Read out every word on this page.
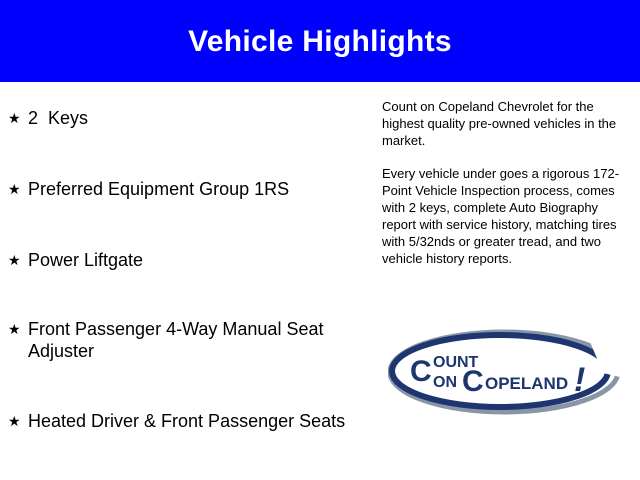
Vehicle Highlights
★ 2  Keys
★ Preferred Equipment Group 1RS
★ Power Liftgate
★ Front Passenger 4-Way Manual Seat Adjuster
★ Heated Driver & Front Passenger Seats
Count on Copeland Chevrolet for the highest quality pre-owned vehicles in the market.
Every vehicle under goes a rigorous 172-Point Vehicle Inspection process, comes with 2 keys, complete Auto Biography report with service history, matching tires with 5/32nds or greater tread, and two vehicle history reports.
C OUNT
ON C OPELAND !
